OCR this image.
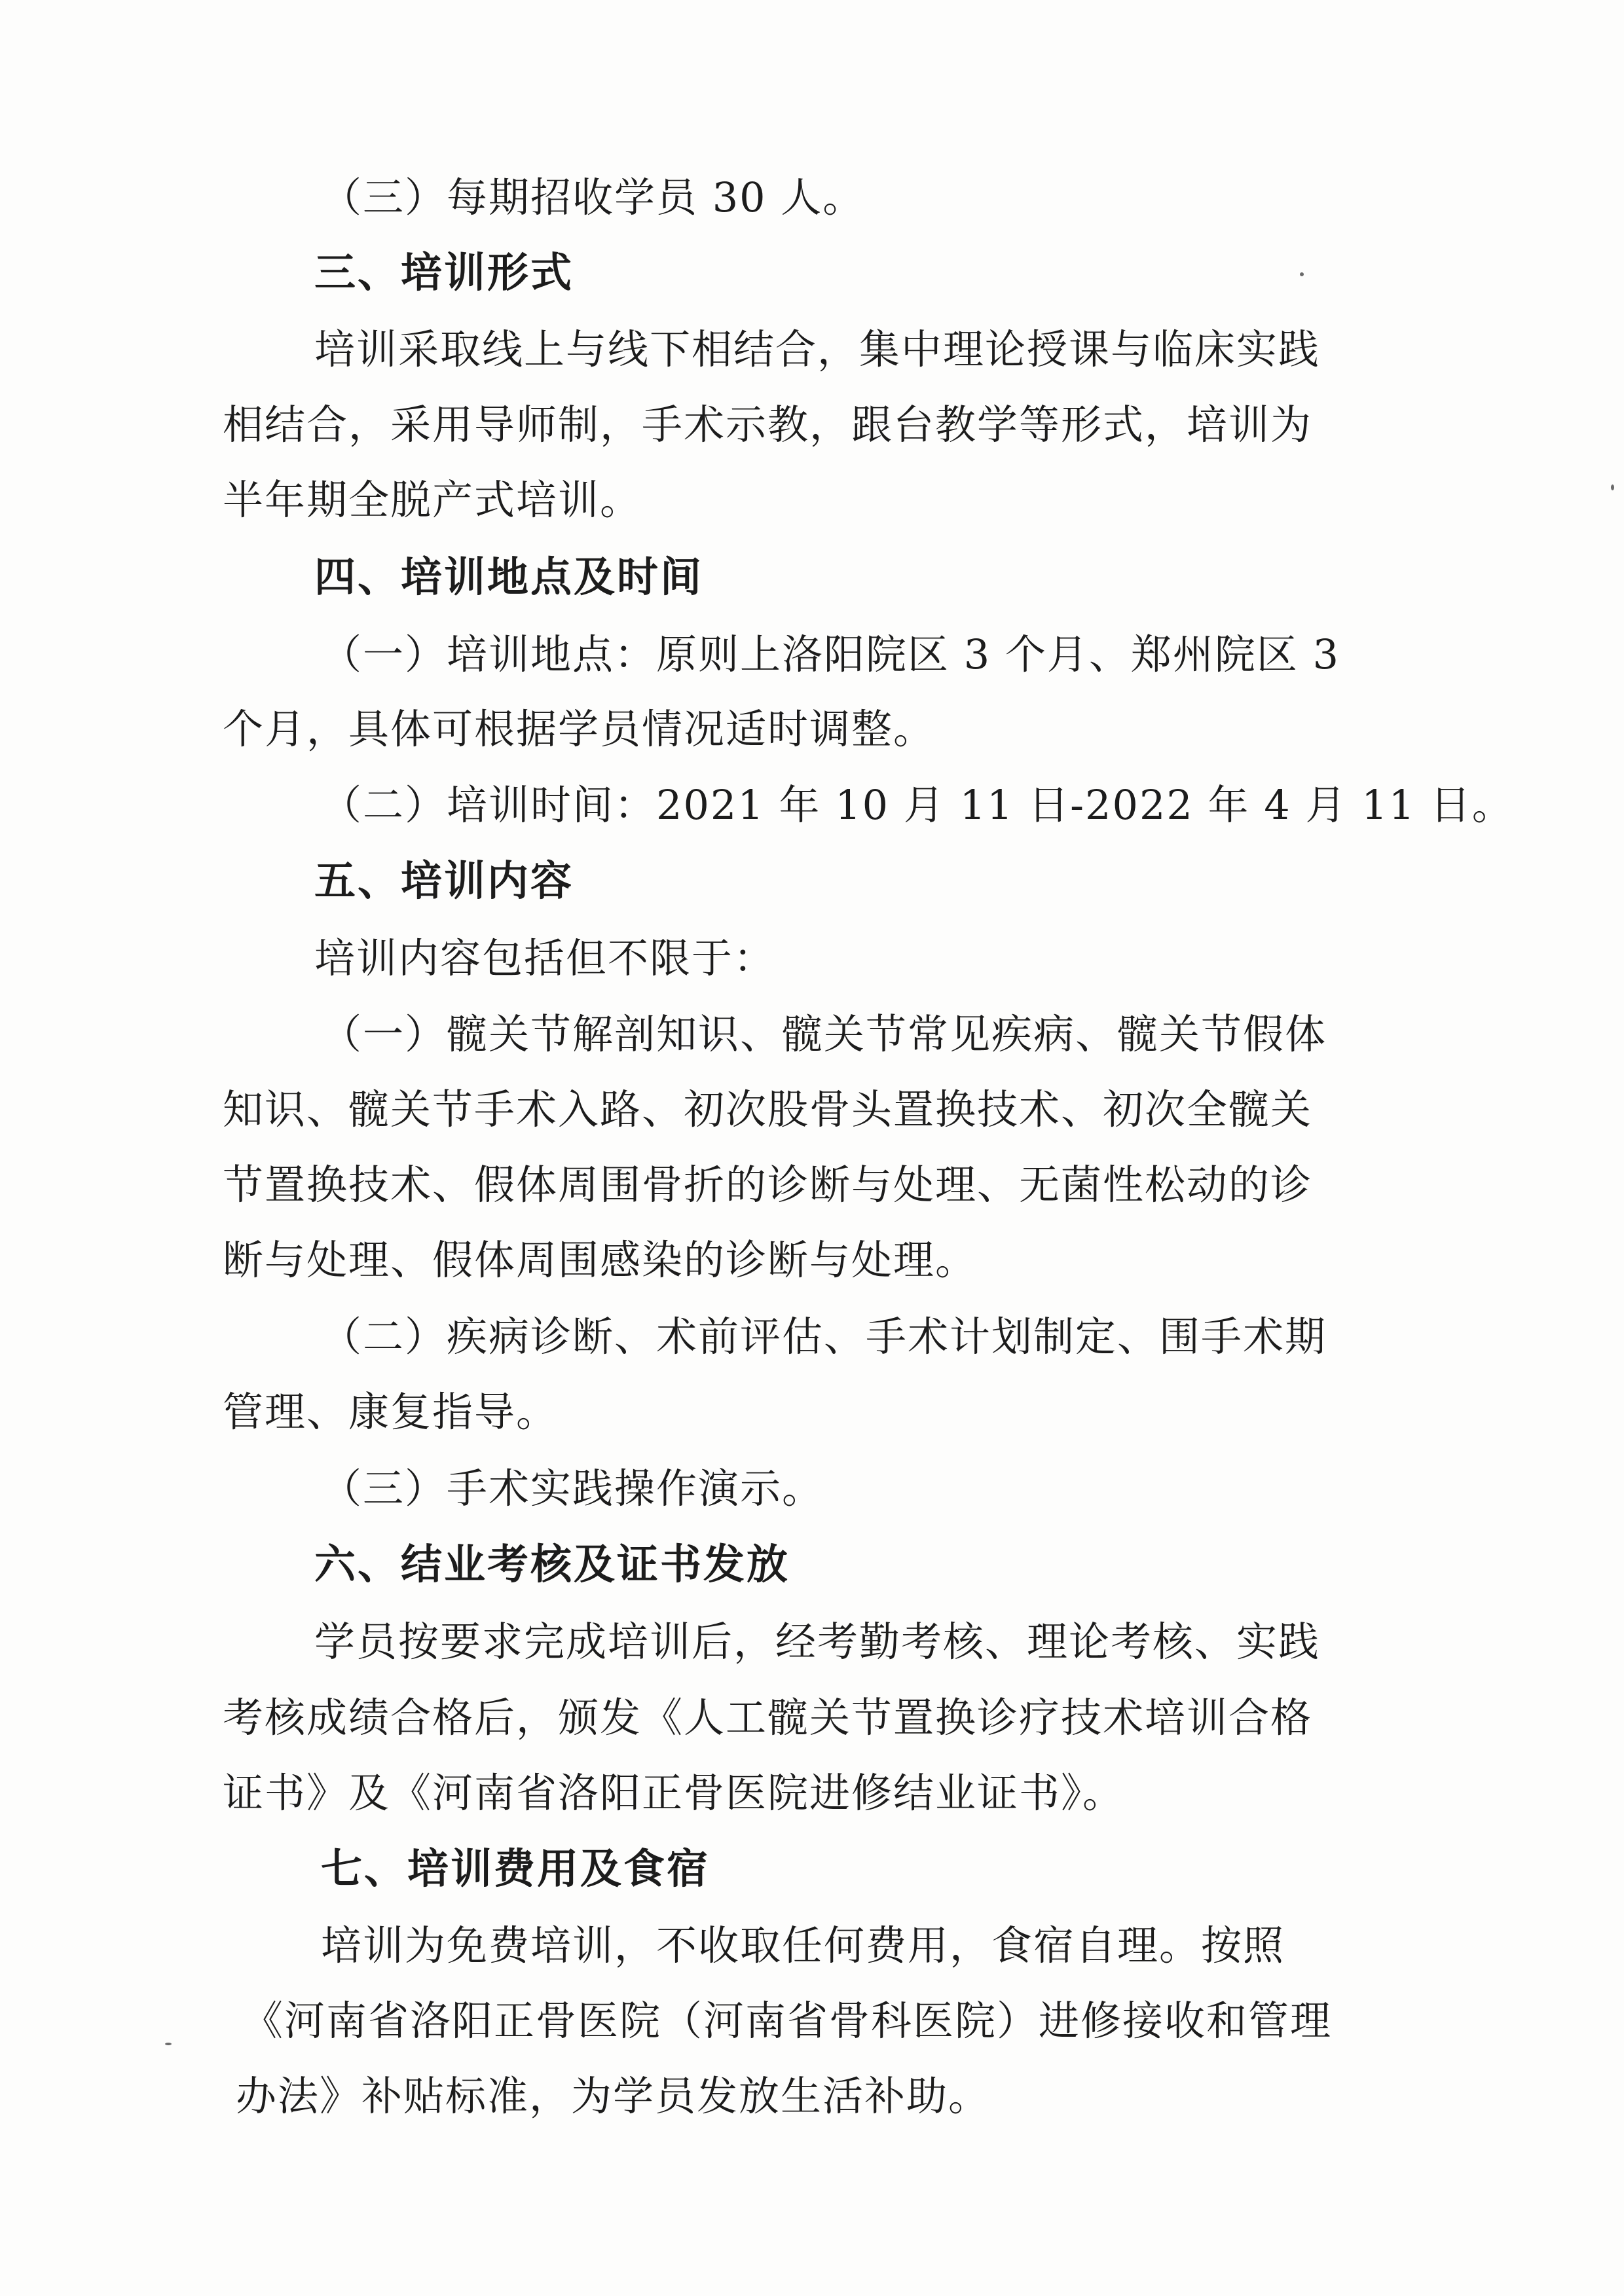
（三）每期招收学员 30 人。
三、培训形式
培训采取线上与线下相结合，集中理论授课与临床实践
相结合，采用导师制，手术示教，跟台教学等形式，培训为
半年期全脱产式培训。
四、培训地点及时间
（一）培训地点：原则上洛阳院区 3 个月、郑州院区 3
个月，具体可根据学员情况适时调整。
（二）培训时间：2021 年 10 月 11 日-2022 年 4 月 11 日。
五、培训内容
培训内容包括但不限于：
（一）髋关节解剖知识、髋关节常见疾病、髋关节假体
知识、髋关节手术入路、初次股骨头置换技术、初次全髋关
节置换技术、假体周围骨折的诊断与处理、无菌性松动的诊
断与处理、假体周围感染的诊断与处理。
（二）疾病诊断、术前评估、手术计划制定、围手术期
管理、康复指导。
（三）手术实践操作演示。
六、结业考核及证书发放
学员按要求完成培训后，经考勤考核、理论考核、实践
考核成绩合格后，颁发《人工髋关节置换诊疗技术培训合格
证书》及《河南省洛阳正骨医院进修结业证书》。
七、培训费用及食宿
培训为免费培训，不收取任何费用，食宿自理。按照
《河南省洛阳正骨医院（河南省骨科医院）进修接收和管理
办法》补贴标准，为学员发放生活补助。
